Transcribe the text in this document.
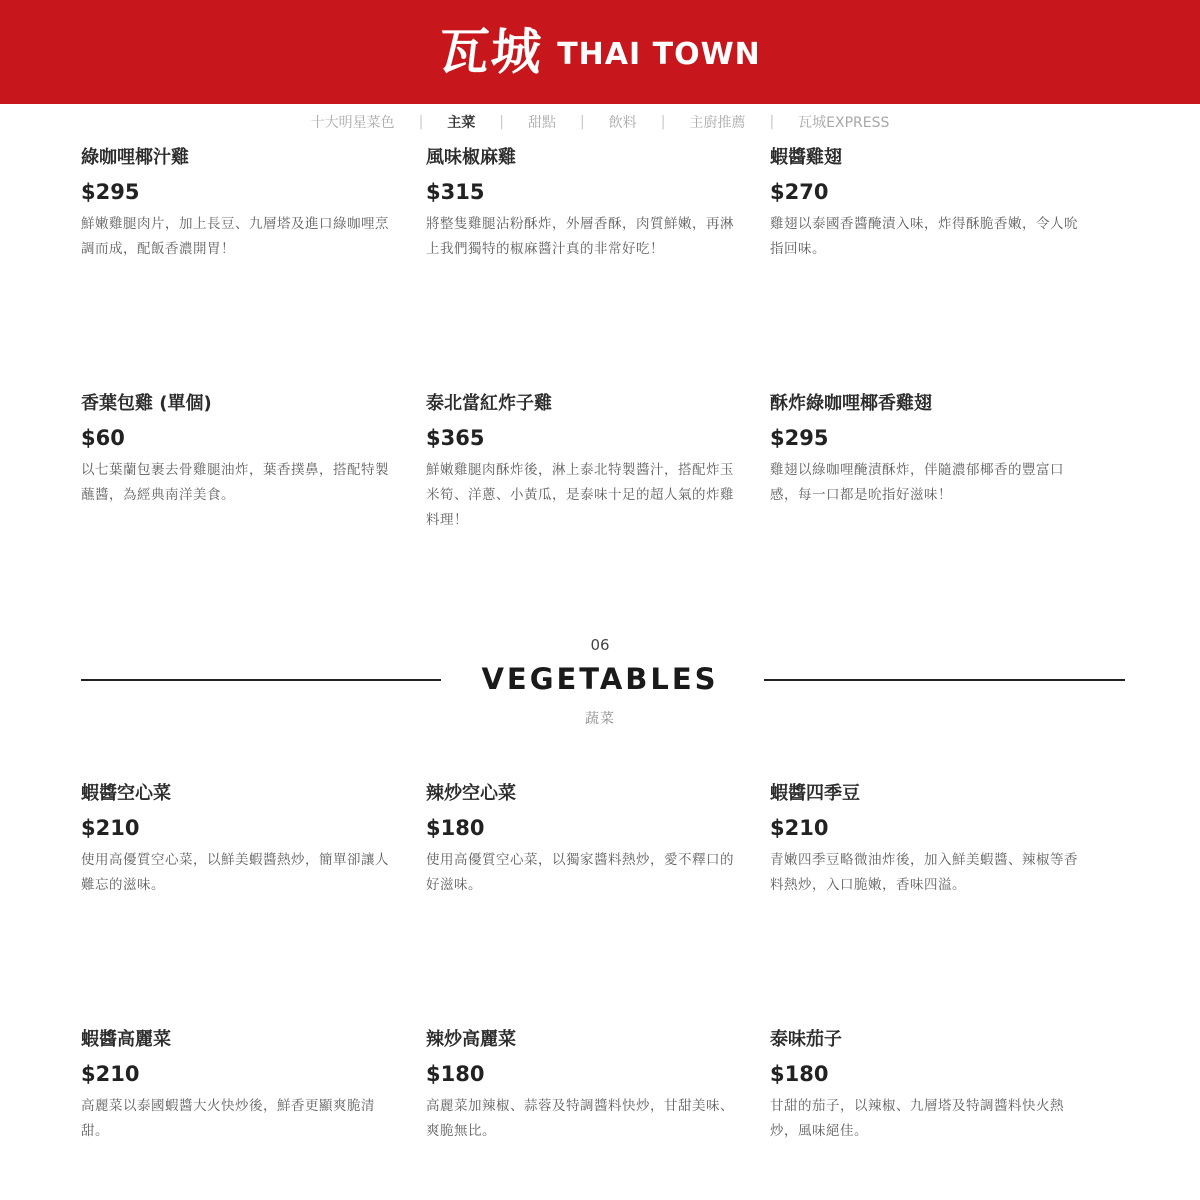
瓦城 THAI TOWN
十大明星菜色 | 主菜 | 甜點 | 飲料 | 主廚推薦 | 瓦城EXPRESS
綠咖哩椰汁雞
$295
鮮嫩雞腿肉片，加上長豆、九層塔及進口綠咖哩烹調而成，配飯香濃開胃！
風味椒麻雞
$315
將整隻雞腿沾粉酥炸，外層香酥，肉質鮮嫩，再淋上我們獨特的椒麻醬汁真的非常好吃！
蝦醬雞翅
$270
雞翅以泰國香醬醃漬入味，炸得酥脆香嫩，令人吮指回味。
香葉包雞 (單個)
$60
以七葉蘭包裹去骨雞腿油炸，葉香撲鼻，搭配特製蘸醬，為經典南洋美食。
泰北當紅炸子雞
$365
鮮嫩雞腿肉酥炸後，淋上泰北特製醬汁，搭配炸玉米筍、洋蔥、小黃瓜，是泰味十足的超人氣的炸雞料理！
酥炸綠咖哩椰香雞翅
$295
雞翅以綠咖哩醃漬酥炸，伴隨濃郁椰香的豐富口感，每一口都是吮指好滋味！
06
VEGETABLES
蔬菜
蝦醬空心菜
$210
使用高優質空心菜，以鮮美蝦醬熱炒，簡單卻讓人難忘的滋味。
辣炒空心菜
$180
使用高優質空心菜，以獨家醬料熱炒，愛不釋口的好滋味。
蝦醬四季豆
$210
青嫩四季豆略微油炸後，加入鮮美蝦醬、辣椒等香料熱炒，入口脆嫩，香味四溢。
蝦醬高麗菜
$210
高麗菜以泰國蝦醬大火快炒後，鮮香更顯爽脆清甜。
辣炒高麗菜
$180
高麗菜加辣椒、蒜蓉及特調醬料快炒，甘甜美味、爽脆無比。
泰味茄子
$180
甘甜的茄子，以辣椒、九層塔及特調醬料快火熱炒，風味絕佳。
